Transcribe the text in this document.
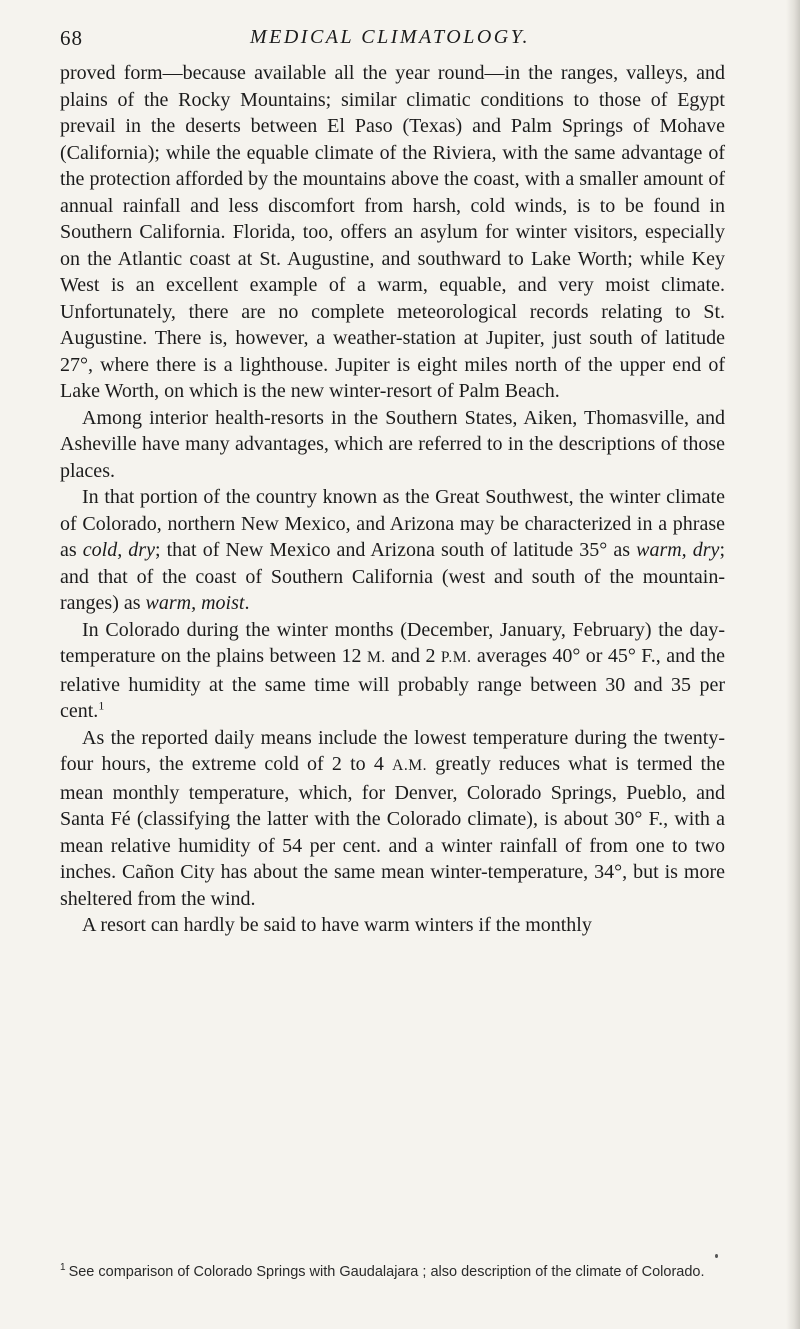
68	MEDICAL CLIMATOLOGY.

proved form—because available all the year round—in the ranges, valleys, and plains of the Rocky Mountains; similar climatic conditions to those of Egypt prevail in the deserts between El Paso (Texas) and Palm Springs of Mohave (California); while the equable climate of the Riviera, with the same advantage of the protection afforded by the mountains above the coast, with a smaller amount of annual rainfall and less discomfort from harsh, cold winds, is to be found in Southern California. Florida, too, offers an asylum for winter visitors, especially on the Atlantic coast at St. Augustine, and southward to Lake Worth; while Key West is an excellent example of a warm, equable, and very moist climate. Unfortunately, there are no complete meteorological records relating to St. Augustine. There is, however, a weather-station at Jupiter, just south of latitude 27°, where there is a lighthouse. Jupiter is eight miles north of the upper end of Lake Worth, on which is the new winter-resort of Palm Beach.

Among interior health-resorts in the Southern States, Aiken, Thomasville, and Asheville have many advantages, which are referred to in the descriptions of those places.

In that portion of the country known as the Great Southwest, the winter climate of Colorado, northern New Mexico, and Arizona may be characterized in a phrase as cold, dry; that of New Mexico and Arizona south of latitude 35° as warm, dry; and that of the coast of Southern California (west and south of the mountain-ranges) as warm, moist.

In Colorado during the winter months (December, January, February) the day-temperature on the plains between 12 M. and 2 P.M. averages 40° or 45° F., and the relative humidity at the same time will probably range between 30 and 35 per cent.$^1$

As the reported daily means include the lowest temperature during the twenty-four hours, the extreme cold of 2 to 4 A.M. greatly reduces what is termed the mean monthly temperature, which, for Denver, Colorado Springs, Pueblo, and Santa Fé (classifying the latter with the Colorado climate), is about 30° F., with a mean relative humidity of 54 per cent. and a winter rainfall of from one to two inches. Cañon City has about the same mean winter-temperature, 34°, but is more sheltered from the wind.

A resort can hardly be said to have warm winters if the monthly

$^1$ See comparison of Colorado Springs with Gaudalajara ; also description of the climate of Colorado.
